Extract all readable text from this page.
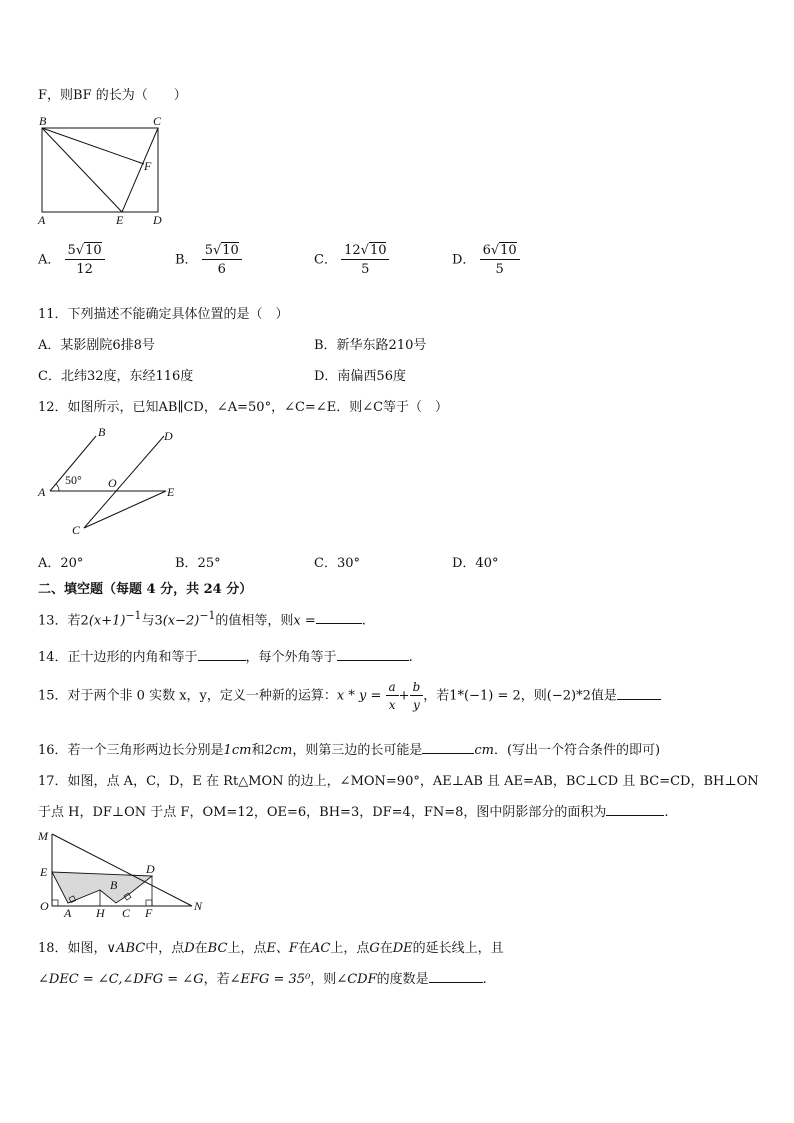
F，则BF 的长为（　　）
B	C
F
A	E D
A． $\frac{5√10}{12}$	B． $\frac{5√10}{6}$	C． $\frac{12√10}{5}$	D． $\frac{6√10}{5}$
11．下列描述不能确定具体位置的是（　）
A．某影剧院6排8号	B．新华东路210号
C．北纬32度，东经116度	D．南偏西56度
12．如图所示，已知AB∥CD，∠A=50°，∠C=∠E．则∠C等于（　）
B	D
A
O
E
C
50°
A．20°	B．25°	C．30°	D．40°
二、填空题（每题 4 分，共 24 分）
13．若$2(x+1)^{-1}$与$3(x-2)^{-1}$的值相等，则x =	.
14．正十边形的内角和等于	，每个外角等于	.
15．对于两个非 0 实数 x，y，定义一种新的运算：$x * y = \frac{a}{x} + \frac{b}{y}$ ，若1*(−1) = 2，则(−2)*2值是
16．若一个三角形两边长分别是1cm和2cm，则第三边的长可能是	cm．(写出一个符合条件的即可)
17．如图，点 A，C，D，E 在 Rt△MON 的边上，∠MON=90°，AE⊥AB 且 AE=AB，BC⊥CD 且 BC=CD，BH⊥ON
于点 H，DF⊥ON 于点 F，OM=12，OE=6，BH=3，DF=4，FN=8，图中阴影部分的面积为	.
M
E	D
B
O A H C F	N
18．如图，∨ABC中，点D在BC上，点E、F在AC上，点G在DE的延长线上，且
∠DEC = ∠C,∠DFG = ∠G，若∠EFG = 35⁰，则∠CDF的度数是	.
